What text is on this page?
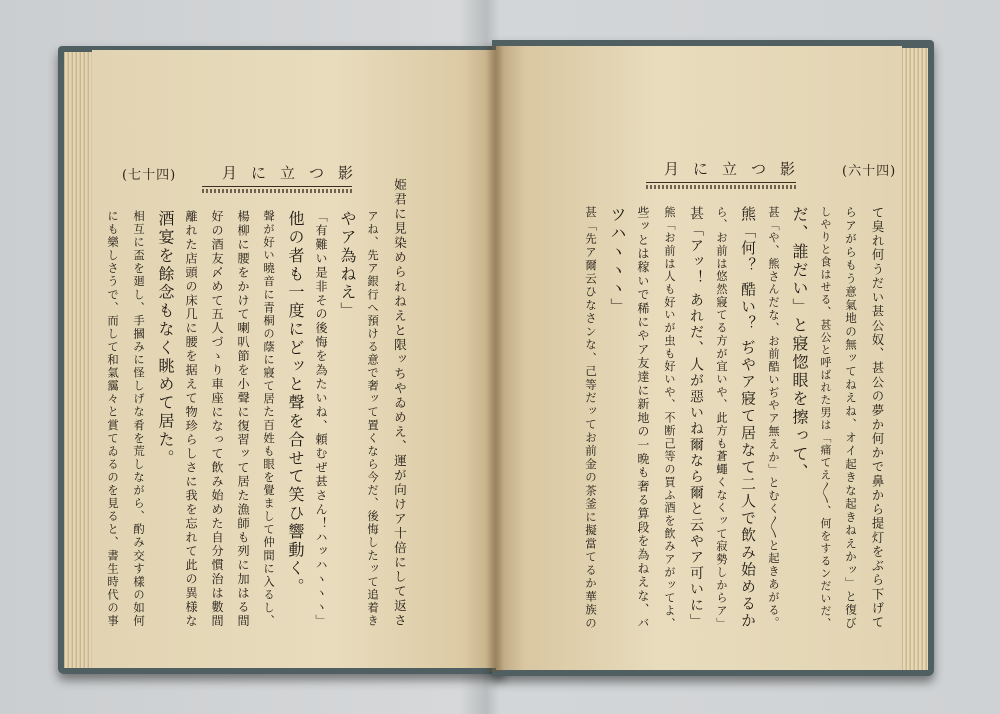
(七十四)	月に立つ影
姫君に見染められねえと限ッちやゐめえ、運が向けア十倍にして返さ
アね、先ア銀行へ預ける意で奢ッて置くなら今だ、後悔したッて追着き
やア為ねえ」
「有難い是非その後悔を為たいね、頼むぜ甚さん！ハッハヽヽヽ」
他の者も一度にどッと聲を合せて笑ひ響動く。
聲が好い曉音に青桐の蔭に寢て居た百姓も眼を覺まして仲間に入るし、
楊柳に腰をかけて喇叭節を小聲に復習ッて居た漁師も列に加はる間
好の酒友〆めて五人づゝり車座になって飲み始めた自分慣治は數間
離れた店頭の床几に腰を据えて物珍らしさに我を忘れて此の異様な
酒宴を餘念もなく眺めて居た。
相互に盃を廻し、手摑みに怪しげな肴を荒しながら、酌み交す樣の如何
にも樂しさうで、而して和氣靄々と賞てゐるのを見ると、書生時代の事
(六十四)
月に立つ影
て臭れ何うだい甚公奴、甚公の夢か何かで鼻から提灯をぶら下げて
らアがらもう意氣地の無ッてねえね、オイ起きな起きねえかッ」と復び
しやりと食はせる、甚公と呼ばれた男は「痛てえ〳〵、何をするンだいだ、
だ、誰だい」と寢惚眼を擦って、
甚「や、熊さんだな、お前酷いぢやア無えか」とむく〳〵と起きあがる。
熊「何？ 酷い？ ぢやア寢て居なて二人で飲み始めるか
ら、お前は悠然寢てる方が宜いや、此方も蒼蠅くなくッて寂勢しからア」
甚「アッ！ あれだ、人が惡いね爾なら爾と云やア可いに」
熊「お前は人も好いが虫も好いや、不断己等の買ふ酒を飲みアがッてよ、
些ッとは稼いで稀にやア友達に新地の一晩も奢る算段を為ねえな、バ
ツハヽヽヽ」
甚「先ア爾云ひなさンな、己等だッてお前金の茶釜に擬當てるか華族の
